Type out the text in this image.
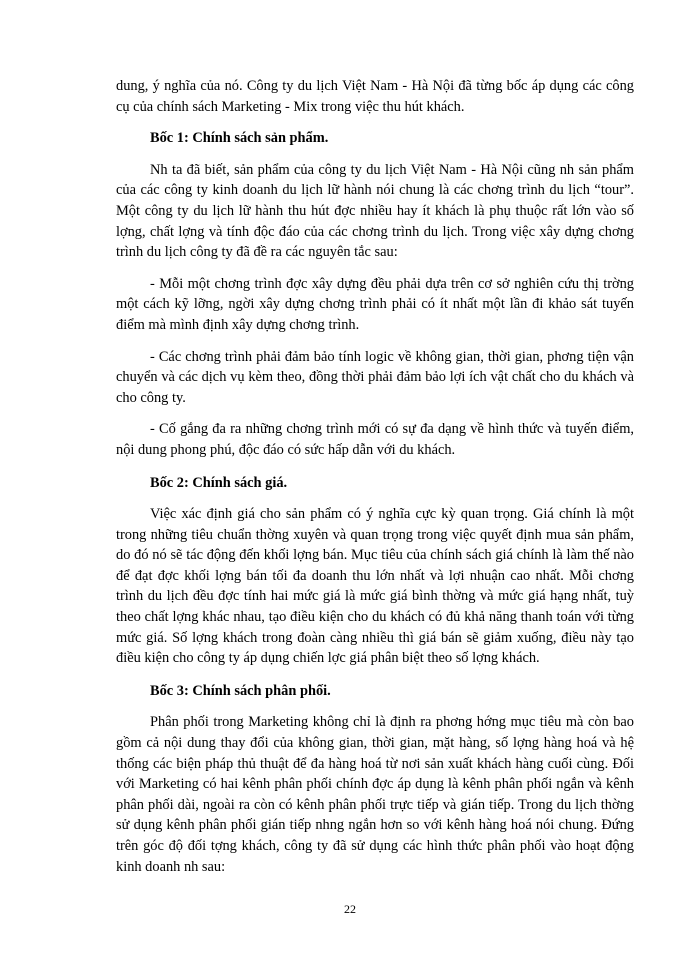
dung, ý nghĩa của nó. Công ty du lịch Việt Nam - Hà Nội đã từng bốc áp dụng các công cụ của chính sách Marketing - Mix trong việc thu hút khách.

Bốc 1: Chính sách sản phẩm.

Nh ta đã biết, sản phẩm của công ty du lịch Việt Nam - Hà Nội cũng nh sản phẩm của các công ty kinh doanh du lịch lữ hành nói chung là các chơng trình du lịch “tour”. Một công ty du lịch lữ hành thu hút đợc nhiều hay ít khách là phụ thuộc rất lớn vào số lợng, chất lợng và tính độc đáo của các chơng trình du lịch. Trong việc xây dựng chơng trình du lịch công ty đã đề ra các nguyên tắc sau:

- Mỗi một chơng trình đợc xây dựng đều phải dựa trên cơ sở nghiên cứu thị trờng một cách kỹ lỡng, ngời xây dựng chơng trình phải có ít nhất một lần đi khảo sát tuyến điểm mà mình định xây dựng chơng trình.

- Các chơng trình phải đảm bảo tính logic về không gian, thời gian, phơng tiện vận chuyển và các dịch vụ kèm theo, đồng thời phải đảm bảo lợi ích vật chất cho du khách và cho công ty.

- Cố gắng đa ra những chơng trình mới có sự đa dạng về hình thức và tuyến điểm, nội dung phong phú, độc đáo có sức hấp dẫn với du khách.

Bốc 2: Chính sách giá.

Việc xác định giá cho sản phẩm có ý nghĩa cực kỳ quan trọng. Giá chính là một trong những tiêu chuẩn thờng xuyên và quan trọng trong việc quyết định mua sản phẩm, do đó nó sẽ tác động đến khối lợng bán. Mục tiêu của chính sách giá chính là làm thế nào để đạt đợc khối lợng bán tối đa doanh thu lớn nhất và lợi nhuận cao nhất. Mỗi chơng trình du lịch đều đợc tính hai mức giá là mức giá bình thờng và mức giá hạng nhất, tuỳ theo chất lợng khác nhau, tạo điều kiện cho du khách có đủ khả năng thanh toán với từng mức giá. Số lợng khách trong đoàn càng nhiều thì giá bán sẽ giảm xuống, điều này tạo điều kiện cho công ty áp dụng chiến lợc giá phân biệt theo số lợng khách.

Bốc 3: Chính sách phân phối.

Phân phối trong Marketing không chỉ là định ra phơng hớng mục tiêu mà còn bao gồm cả nội dung thay đổi của không gian, thời gian, mặt hàng, số lợng hàng hoá và hệ thống các biện pháp thủ thuật để đa hàng hoá từ nơi sản xuất khách hàng cuối cùng. Đối với Marketing có hai kênh phân phối chính đợc áp dụng là kênh phân phối ngắn và kênh phân phối dài, ngoài ra còn có kênh phân phối trực tiếp và gián tiếp. Trong du lịch thờng sử dụng kênh phân phối gián tiếp nhng ngắn hơn so với kênh hàng hoá nói chung. Đứng trên góc độ đối tợng khách, công ty đã sử dụng các hình thức phân phối vào hoạt động kinh doanh nh sau:

22
